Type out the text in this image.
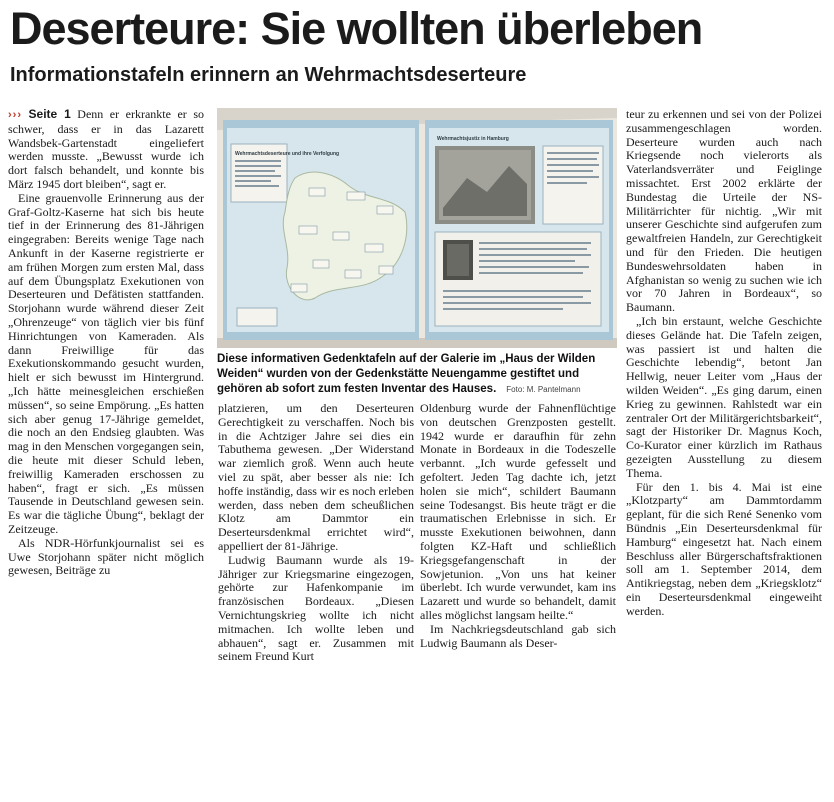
Deserteure: Sie wollten überleben
Informationstafeln erinnern an Wehrmachtsdeserteure

››› Seite 1 Denn er erkrankte er so schwer, dass er in das Lazarett Wandsbek-Gartenstadt eingeliefert werden musste. „Bewusst wurde ich dort falsch behandelt, und konnte bis März 1945 dort bleiben“, sagt er.

Eine grauenvolle Erinnerung aus der Graf-Goltz-Kaserne hat sich bis heute tief in der Erinnerung des 81-Jährigen eingegraben: Bereits wenige Tage nach Ankunft in der Kaserne registrierte er am frühen Morgen zum ersten Mal, dass auf dem Übungsplatz Exekutionen von Deserteuren und Defätisten stattfanden. Storjohann wurde während dieser Zeit „Ohrenzeuge“ von täglich vier bis fünf Hinrichtungen von Kameraden. Als dann Freiwillige für das Exekutionskommando gesucht wurden, hielt er sich bewusst im Hintergrund. „Ich hätte meinesgleichen erschießen müssen“, so seine Empörung. „Es hatten sich aber genug 17-Jährige gemeldet, die noch an den Endsieg glaubten. Was mag in den Menschen vorgegangen sein, die heute mit dieser Schuld leben, freiwillig Kameraden erschossen zu haben“, fragt er sich. „Es müssen Tausende in Deutschland gewesen sein. Es war die tägliche Übung“, beklagt der Zeitzeuge.

Als NDR-Hörfunkjournalist sei es Uwe Storjohann später nicht möglich gewesen, Beiträge zu

Wehrmachtsdeserteure und ihre Verfolgung
Wehrmachtsjustiz in Hamburg
Diese informativen Gedenktafeln auf der Galerie im „Haus der Wilden Weiden“ wurden von der Gedenkstätte Neuengamme gestiftet und gehören ab sofort zum festen Inventar des Hauses. Foto: M. Pantelmann

platzieren, um den Deserteuren Gerechtigkeit zu verschaffen. Noch bis in die Achtziger Jahre sei dies ein Tabuthema gewesen. „Der Widerstand war ziemlich groß. Wenn auch heute viel zu spät, aber besser als nie: Ich hoffe inständig, dass wir es noch erleben werden, dass neben dem scheußlichen Klotz am Dammtor ein Deserteursdenkmal errichtet wird“, appelliert der 81-Jährige.

Ludwig Baumann wurde als 19-Jähriger zur Kriegsmarine eingezogen, gehörte zur Hafenkompanie im französischen Bordeaux. „Diesen Vernichtungskrieg wollte ich nicht mitmachen. Ich wollte leben und abhauen“, sagt er. Zusammen mit seinem Freund Kurt

Oldenburg wurde der Fahnenflüchtige von deutschen Grenzposten gestellt. 1942 wurde er daraufhin für zehn Monate in Bordeaux in die Todeszelle verbannt. „Ich wurde gefesselt und gefoltert. Jeden Tag dachte ich, jetzt holen sie mich“, schildert Baumann seine Todesangst. Bis heute trägt er die traumatischen Erlebnisse in sich. Er musste Exekutionen beiwohnen, dann folgten KZ-Haft und schließlich Kriegsgefangenschaft in der Sowjetunion. „Von uns hat keiner überlebt. Ich wurde verwundet, kam ins Lazarett und wurde so behandelt, damit alles möglichst langsam heilte.“

Im Nachkriegsdeutschland gab sich Ludwig Baumann als Deser-

teur zu erkennen und sei von der Polizei zusammengeschlagen worden. Deserteure wurden auch nach Kriegsende noch vielerorts als Vaterlandsverräter und Feiglinge missachtet. Erst 2002 erklärte der Bundestag die Urteile der NS-Militärrichter für nichtig. „Wir mit unserer Geschichte sind aufgerufen zum gewaltfreien Handeln, zur Gerechtigkeit und für den Frieden. Die heutigen Bundeswehrsoldaten haben in Afghanistan so wenig zu suchen wie ich vor 70 Jahren in Bordeaux“, so Baumann.

„Ich bin erstaunt, welche Geschichte dieses Gelände hat. Die Tafeln zeigen, was passiert ist und halten die Geschichte lebendig“, betont Jan Hellwig, neuer Leiter vom „Haus der wilden Weiden“. „Es ging darum, einen Krieg zu gewinnen. Rahlstedt war ein zentraler Ort der Militärgerichtsbarkeit“, sagt der Historiker Dr. Magnus Koch, Co-Kurator einer kürzlich im Rathaus gezeigten Ausstellung zu diesem Thema.

Für den 1. bis 4. Mai ist eine „Klotzparty“ am Dammtordamm geplant, für die sich René Senenko vom Bündnis „Ein Deserteursdenkmal für Hamburg“ eingesetzt hat. Nach einem Beschluss aller Bürgerschaftsfraktionen soll am 1. September 2014, dem Antikriegstag, neben dem „Kriegsklotz“ ein Deserteursdenkmal eingeweiht werden.
